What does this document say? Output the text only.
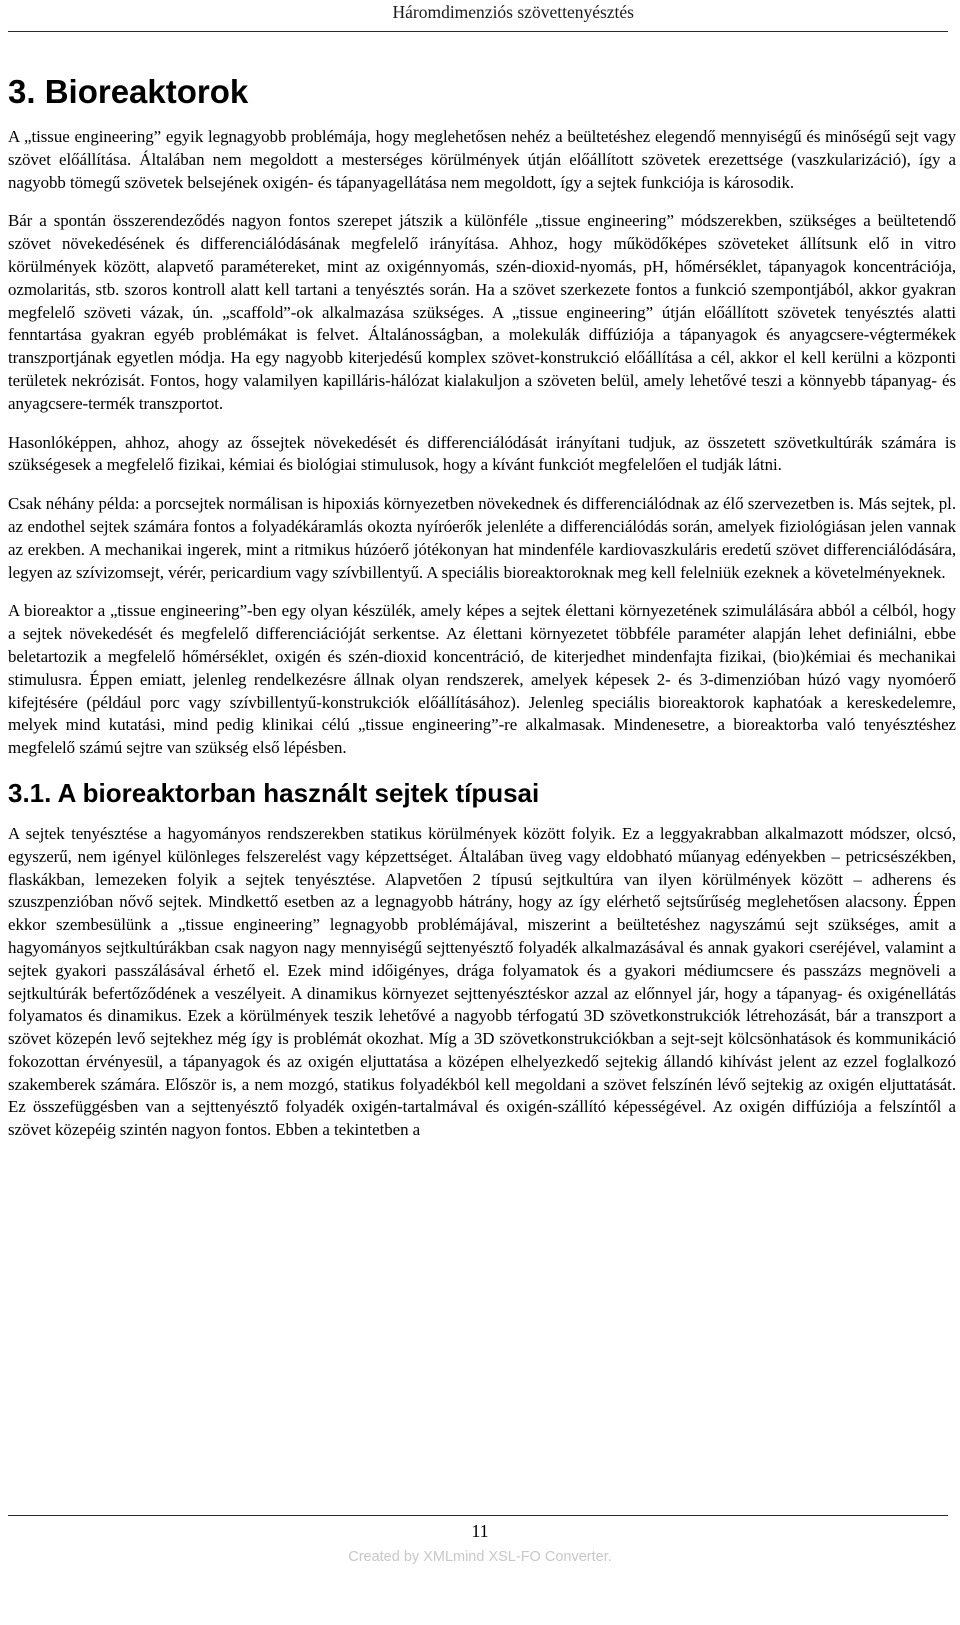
Háromdimenziós szövettenyésztés
3. Bioreaktorok

A „tissue engineering” egyik legnagyobb problémája, hogy meglehetősen nehéz a beültetéshez elegendő mennyiségű és minőségű sejt vagy szövet előállítása. Általában nem megoldott a mesterséges körülmények útján előállított szövetek erezettsége (vaszkularizáció), így a nagyobb tömegű szövetek belsejének oxigén- és tápanyagellátása nem megoldott, így a sejtek funkciója is károsodik.

Bár a spontán összerendeződés nagyon fontos szerepet játszik a különféle „tissue engineering” módszerekben, szükséges a beültetendő szövet növekedésének és differenciálódásának megfelelő irányítása. Ahhoz, hogy működőképes szöveteket állítsunk elő in vitro körülmények között, alapvető paramétereket, mint az oxigénnyomás, szén-dioxid-nyomás, pH, hőmérséklet, tápanyagok koncentrációja, ozmolaritás, stb. szoros kontroll alatt kell tartani a tenyésztés során. Ha a szövet szerkezete fontos a funkció szempontjából, akkor gyakran megfelelő szöveti vázak, ún. „scaffold”-ok alkalmazása szükséges. A „tissue engineering” útján előállított szövetek tenyésztés alatti fenntartása gyakran egyéb problémákat is felvet. Általánosságban, a molekulák diffúziója a tápanyagok és anyagcsere-végtermékek transzportjának egyetlen módja. Ha egy nagyobb kiterjedésű komplex szövet-konstrukció előállítása a cél, akkor el kell kerülni a központi területek nekrózisát. Fontos, hogy valamilyen kapilláris-hálózat kialakuljon a szöveten belül, amely lehetővé teszi a könnyebb tápanyag- és anyagcsere-termék transzportot.

Hasonlóképpen, ahhoz, ahogy az őssejtek növekedését és differenciálódását irányítani tudjuk, az összetett szövetkultúrák számára is szükségesek a megfelelő fizikai, kémiai és biológiai stimulusok, hogy a kívánt funkciót megfelelően el tudják látni.

Csak néhány példa: a porcsejtek normálisan is hipoxiás környezetben növekednek és differenciálódnak az élő szervezetben is. Más sejtek, pl. az endothel sejtek számára fontos a folyadékáramlás okozta nyíróerők jelenléte a differenciálódás során, amelyek fiziológiásan jelen vannak az erekben. A mechanikai ingerek, mint a ritmikus húzóerő jótékonyan hat mindenféle kardiovaszkuláris eredetű szövet differenciálódására, legyen az szívizomsejt, vérér, pericardium vagy szívbillentyű. A speciális bioreaktoroknak meg kell felelniük ezeknek a követelményeknek.

A bioreaktor a „tissue engineering”-ben egy olyan készülék, amely képes a sejtek élettani környezetének szimulálására abból a célból, hogy a sejtek növekedését és megfelelő differenciációját serkentse. Az élettani környezetet többféle paraméter alapján lehet definiálni, ebbe beletartozik a megfelelő hőmérséklet, oxigén és szén-dioxid koncentráció, de kiterjedhet mindenfajta fizikai, (bio)kémiai és mechanikai stimulusra. Éppen emiatt, jelenleg rendelkezésre állnak olyan rendszerek, amelyek képesek 2- és 3-dimenzióban húzó vagy nyomóerő kifejtésére (például porc vagy szívbillentyű-konstrukciók előállításához). Jelenleg speciális bioreaktorok kaphatóak a kereskedelemre, melyek mind kutatási, mind pedig klinikai célú „tissue engineering”-re alkalmasak. Mindenesetre, a bioreaktorba való tenyésztéshez megfelelő számú sejtre van szükség első lépésben.

3.1. A bioreaktorban használt sejtek típusai

A sejtek tenyésztése a hagyományos rendszerekben statikus körülmények között folyik. Ez a leggyakrabban alkalmazott módszer, olcsó, egyszerű, nem igényel különleges felszerelést vagy képzettséget. Általában üveg vagy eldobható műanyag edényekben – petricsészékben, flaskákban, lemezeken folyik a sejtek tenyésztése. Alapvetően 2 típusú sejtkultúra van ilyen körülmények között – adherens és szuszpenzióban nővő sejtek. Mindkettő esetben az a legnagyobb hátrány, hogy az így elérhető sejtsűrűség meglehetősen alacsony. Éppen ekkor szembesülünk a „tissue engineering” legnagyobb problémájával, miszerint a beültetéshez nagyszámú sejt szükséges, amit a hagyományos sejtkultúrákban csak nagyon nagy mennyiségű sejttenyésztő folyadék alkalmazásával és annak gyakori cseréjével, valamint a sejtek gyakori passzálásával érhető el. Ezek mind időigényes, drága folyamatok és a gyakori médiumcsere és passzázs megnöveli a sejtkultúrák befertőződének a veszélyeit. A dinamikus környezet sejttenyésztéskor azzal az előnnyel jár, hogy a tápanyag- és oxigénellátás folyamatos és dinamikus. Ezek a körülmények teszik lehetővé a nagyobb térfogatú 3D szövetkonstrukciók létrehozását, bár a transzport a szövet közepén levő sejtekhez még így is problémát okozhat. Míg a 3D szövetkonstrukciókban a sejt-sejt kölcsönhatások és kommunikáció fokozottan érvényesül, a tápanyagok és az oxigén eljuttatása a középen elhelyezkedő sejtekig állandó kihívást jelent az ezzel foglalkozó szakemberek számára. Először is, a nem mozgó, statikus folyadékból kell megoldani a szövet felszínén lévő sejtekig az oxigén eljuttatását. Ez összefüggésben van a sejttenyésztő folyadék oxigén-tartalmával és oxigén-szállító képességével. Az oxigén diffúziója a felszíntől a szövet közepéig szintén nagyon fontos. Ebben a tekintetben a

11
Created by XMLmind XSL-FO Converter.
